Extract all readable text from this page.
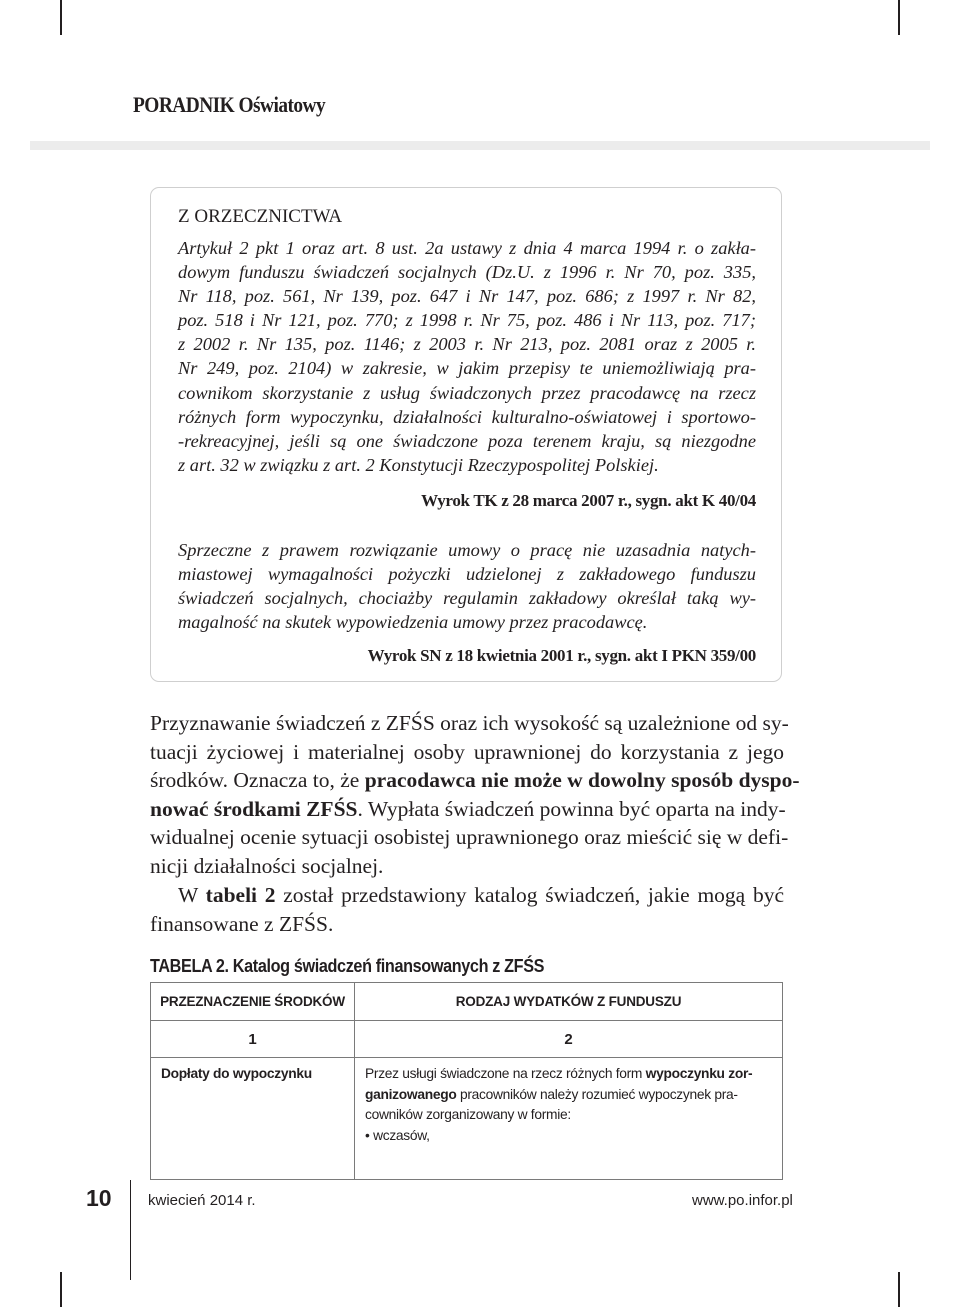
PORADNIK Oświatowy
Z ORZECZNICTWA
Artykuł 2 pkt 1 oraz art. 8 ust. 2a ustawy z dnia 4 marca 1994 r. o zakła-
dowym funduszu świadczeń socjalnych (Dz.U. z 1996 r. Nr 70, poz. 335,
Nr 118, poz. 561, Nr 139, poz. 647 i Nr 147, poz. 686; z 1997 r. Nr 82,
poz. 518 i Nr 121, poz. 770; z 1998 r. Nr 75, poz. 486 i Nr 113, poz. 717;
z 2002 r. Nr 135, poz. 1146; z 2003 r. Nr 213, poz. 2081 oraz z 2005 r.
Nr 249, poz. 2104) w zakresie, w jakim przepisy te uniemożliwiają pra-
cownikom skorzystanie z usług świadczonych przez pracodawcę na rzecz
różnych form wypoczynku, działalności kulturalno-oświatowej i sportowo-
-rekreacyjnej, jeśli są one świadczone poza terenem kraju, są niezgodne
z art. 32 w związku z art. 2 Konstytucji Rzeczypospolitej Polskiej.
Wyrok TK z 28 marca 2007 r., sygn. akt K 40/04
Sprzeczne z prawem rozwiązanie umowy o pracę nie uzasadnia natych-
miastowej wymagalności pożyczki udzielonej z zakładowego funduszu
świadczeń socjalnych, chociażby regulamin zakładowy określał taką wy-
magalność na skutek wypowiedzenia umowy przez pracodawcę.
Wyrok SN z 18 kwietnia 2001 r., sygn. akt I PKN 359/00
Przyznawanie świadczeń z ZFŚS oraz ich wysokość są uzależnione od sy-
tuacji życiowej i materialnej osoby uprawnionej do korzystania z jego
środków. Oznacza to, że pracodawca nie może w dowolny sposób dyspo-
nować środkami ZFŚS. Wypłata świadczeń powinna być oparta na indy-
widualnej ocenie sytuacji osobistej uprawnionego oraz mieścić się w defi-
nicji działalności socjalnej.
W tabeli 2 został przedstawiony katalog świadczeń, jakie mogą być
finansowane z ZFŚS.
TABELA 2. Katalog świadczeń finansowanych z ZFŚS
PRZEZNACZENIE ŚRODKÓW	RODZAJ WYDATKÓW Z FUNDUSZU
1	2
Dopłaty do wypoczynku	Przez usługi świadczone na rzecz różnych form wypoczynku zor-
ganizowanego pracowników należy rozumieć wypoczynek pra-
cowników zorganizowany w formie:
• wczasów,
10 kwiecień 2014 r.	www.po.infor.pl
